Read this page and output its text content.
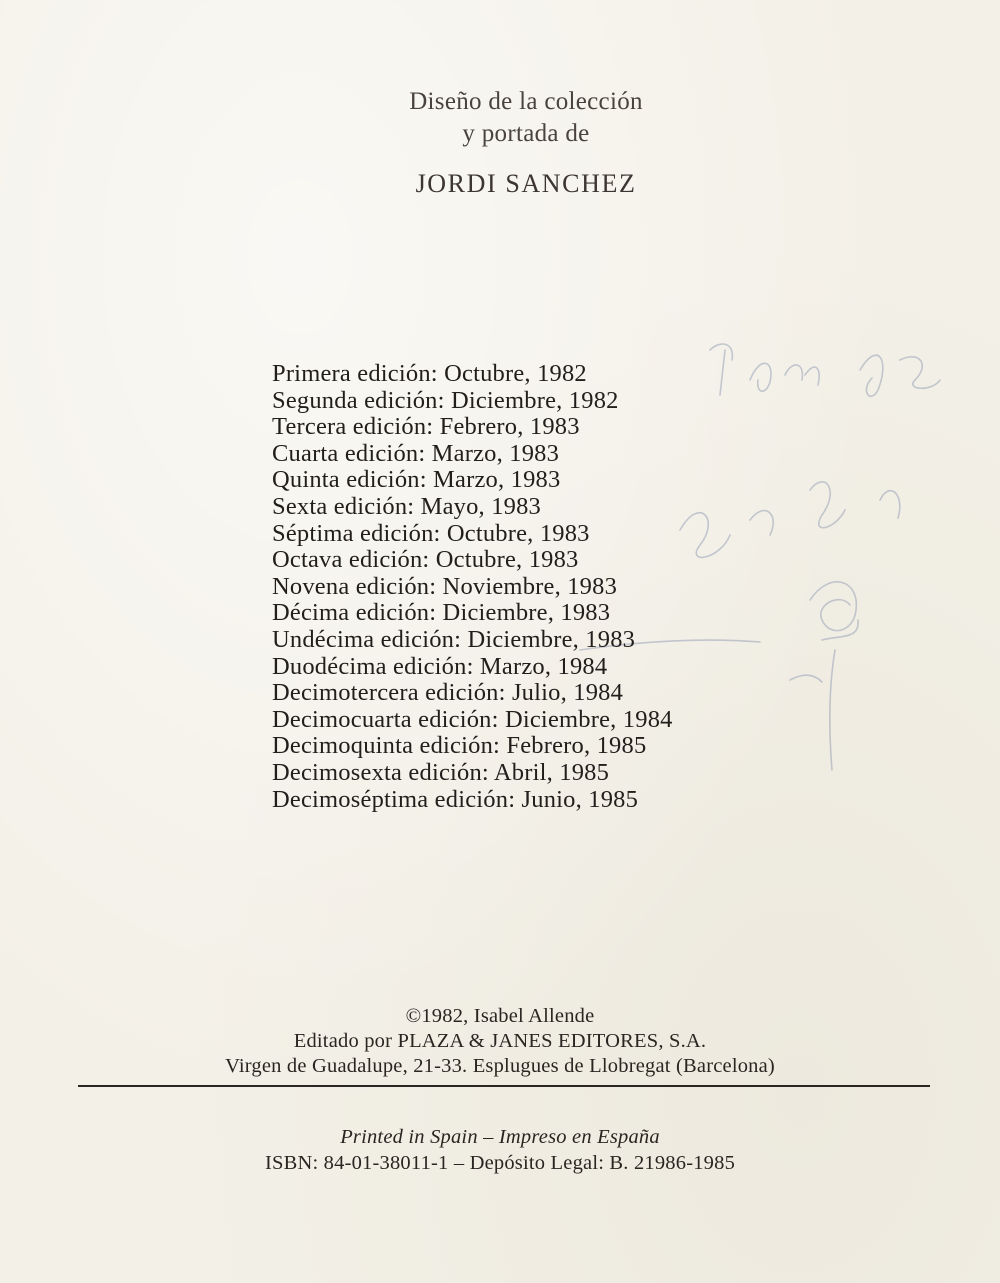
Diseño de la colección
y portada de
JORDI SANCHEZ
Primera edición: Octubre, 1982
Segunda edición: Diciembre, 1982
Tercera edición: Febrero, 1983
Cuarta edición: Marzo, 1983
Quinta edición: Marzo, 1983
Sexta edición: Mayo, 1983
Séptima edición: Octubre, 1983
Octava edición: Octubre, 1983
Novena edición: Noviembre, 1983
Décima edición: Diciembre, 1983
Undécima edición: Diciembre, 1983
Duodécima edición: Marzo, 1984
Decimotercera edición: Julio, 1984
Decimocuarta edición: Diciembre, 1984
Decimoquinta edición: Febrero, 1985
Decimosexta edición: Abril, 1985
Decimoséptima edición: Junio, 1985
©1982, Isabel Allende
Editado por PLAZA & JANES EDITORES, S.A.
Virgen de Guadalupe, 21-33. Esplugues de Llobregat (Barcelona)
Printed in Spain – Impreso en España
ISBN: 84-01-38011-1 – Depósito Legal: B. 21986-1985
